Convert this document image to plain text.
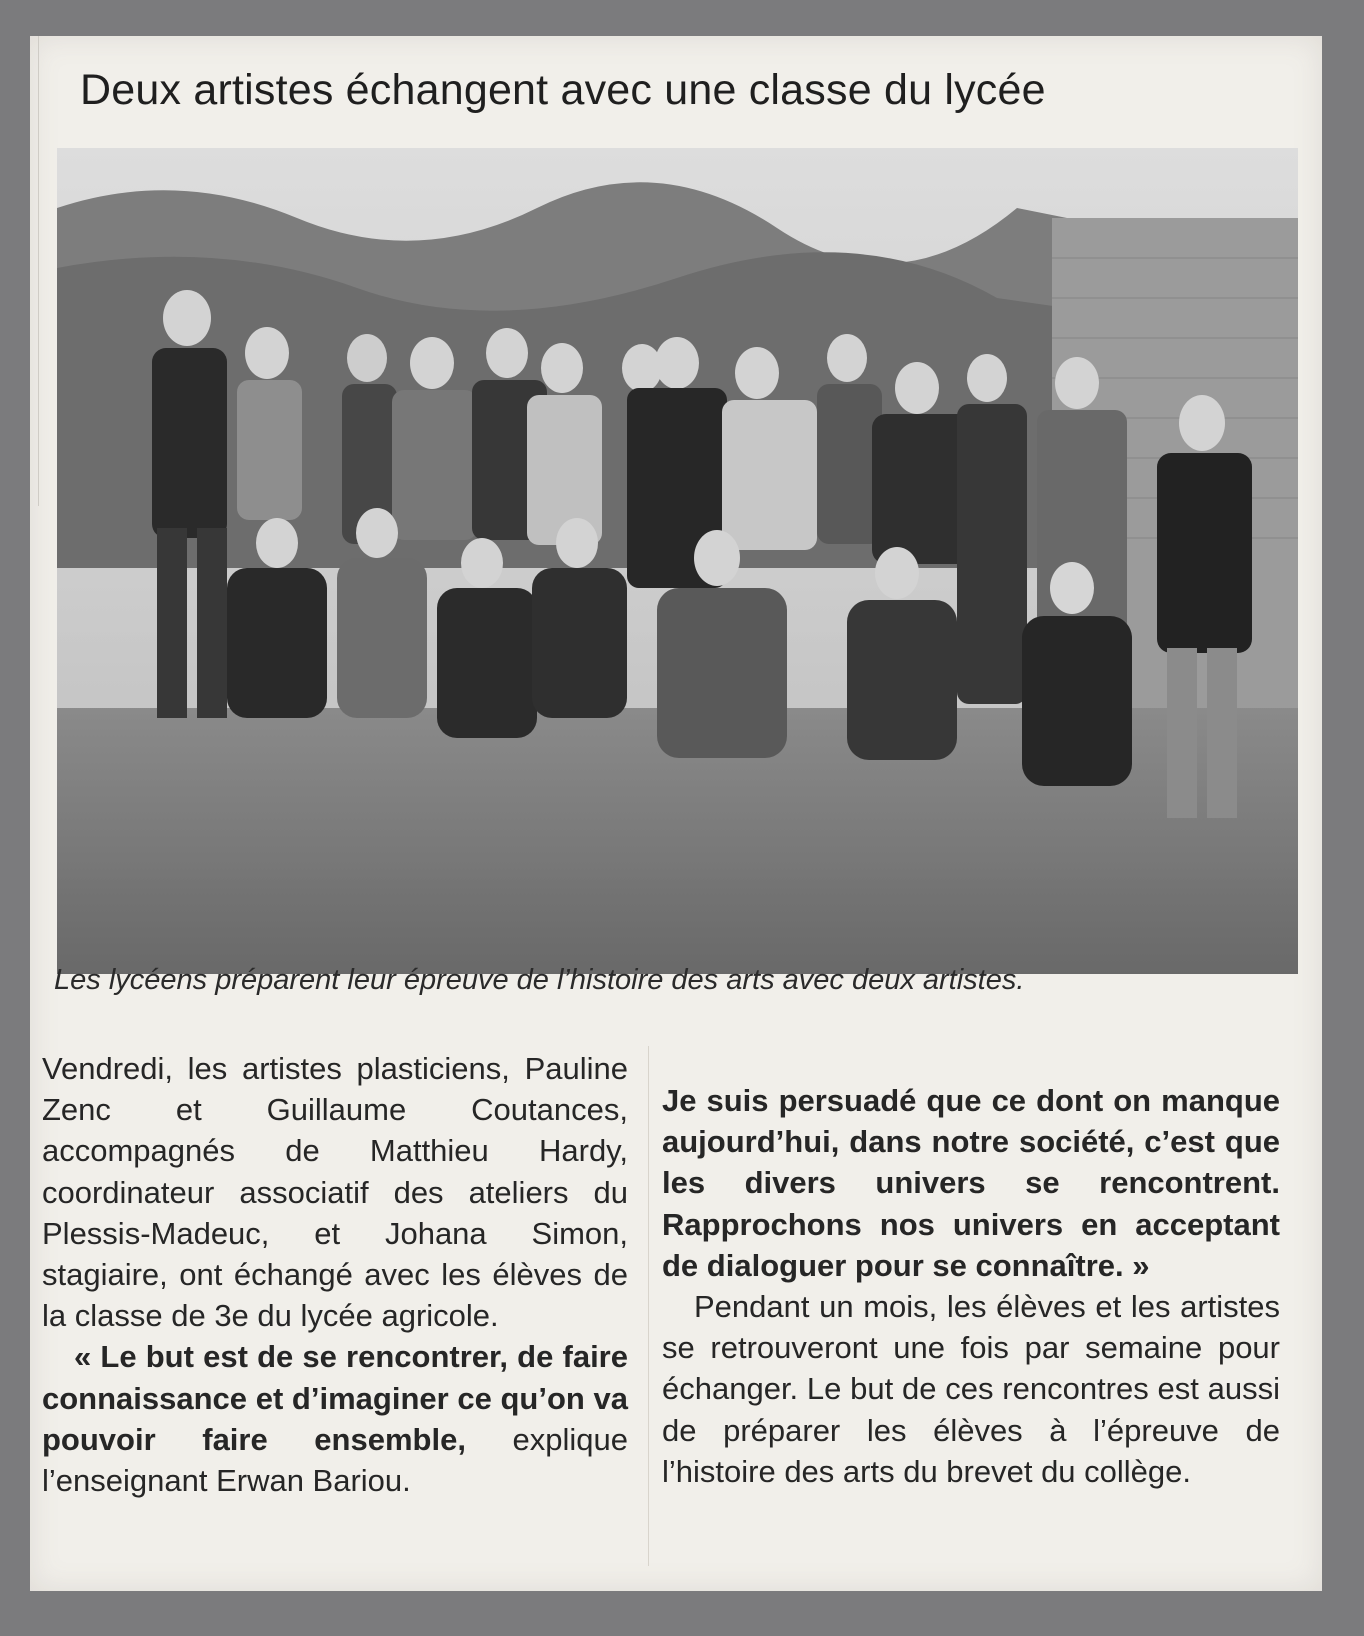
Deux artistes échangent avec une classe du lycée

Les lycéens préparent leur épreuve de l’histoire des arts avec deux artistes.

Vendredi, les artistes plasticiens, Pauline Zenc et Guillaume Coutances, accompagnés de Matthieu Hardy, coordinateur associatif des ateliers du Plessis-Madeuc, et Johana Simon, stagiaire, ont échangé avec les élèves de la classe de 3e du lycée agricole.

« Le but est de se rencontrer, de faire connaissance et d’imaginer ce qu’on va pouvoir faire ensemble, explique l’enseignant Erwan Bariou.

Je suis persuadé que ce dont on manque aujourd’hui, dans notre société, c’est que les divers univers se rencontrent. Rapprochons nos univers en acceptant de dialoguer pour se connaître. »

Pendant un mois, les élèves et les artistes se retrouveront une fois par semaine pour échanger. Le but de ces rencontres est aussi de préparer les élèves à l’épreuve de l’histoire des arts du brevet du collège.
